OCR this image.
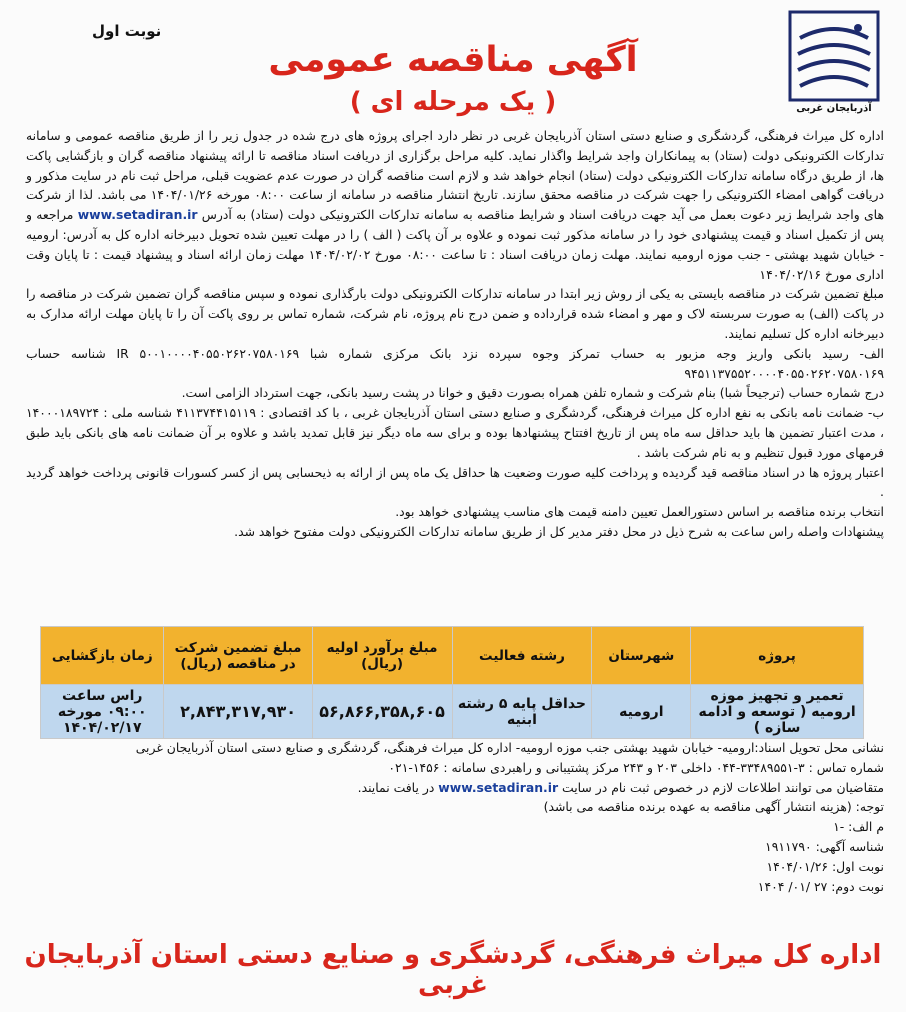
آذربایجان غربی
نوبت اول
آگهی مناقصه عمومی
( یک مرحله ای )

اداره کل میراث فرهنگی، گردشگری و صنایع دستی استان آذربایجان غربی در نظر دارد اجرای پروژه های درج شده در جدول زیر را از طریق مناقصه عمومی و سامانه تدارکات الکترونیکی دولت (ستاد) به پیمانکاران واجد شرایط واگذار نماید. کلیه مراحل برگزاری از دریافت اسناد مناقصه تا ارائه پیشنهاد مناقصه گران و بازگشایی پاکت ها، از طریق درگاه سامانه تدارکات الکترونیکی دولت (ستاد) انجام خواهد شد و لازم است مناقصه گران در صورت عدم عضویت قبلی، مراحل ثبت نام در سایت مذکور و دریافت گواهی امضاء الکترونیکی را جهت شرکت در مناقصه محقق سازند. تاریخ انتشار مناقصه در سامانه از ساعت ۰۸:۰۰ مورخه ۱۴۰۴/۰۱/۲۶ می باشد. لذا از شرکت های واجد شرایط زیر دعوت بعمل می آید جهت دریافت اسناد و شرایط مناقصه به سامانه تدارکات الکترونیکی دولت (ستاد) به آدرس www.setadiran.ir مراجعه و پس از تکمیل اسناد و قیمت پیشنهادی خود را در سامانه مذکور ثبت نموده و علاوه بر آن پاکت ( الف ) را در مهلت تعیین شده تحویل دبیرخانه اداره کل به آدرس: ارومیه - خیابان شهید بهشتی - جنب موزه ارومیه نمایند. مهلت زمان دریافت اسناد : تا ساعت ۰۸:۰۰ مورخ ۱۴۰۴/۰۲/۰۲ مهلت زمان ارائه اسناد و پیشنهاد قیمت : تا پایان وقت اداری مورخ ۱۴۰۴/۰۲/۱۶

مبلغ تضمین شرکت در مناقصه بایستی به یکی از روش زیر ابتدا در سامانه تدارکات الکترونیکی دولت بارگذاری نموده و سپس مناقصه گران تضمین شرکت در مناقصه را در پاکت (الف) به صورت سربسته لاک و مهر و امضاء شده قرارداده و ضمن درج نام پروژه، نام شرکت، شماره تماس بر روی پاکت آن را تا پایان مهلت ارائه مدارک به دبیرخانه اداره کل تسلیم نمایند.

الف- رسید بانکی واریز وجه مزبور به حساب تمرکز وجوه سپرده نزد بانک مرکزی شماره شبا IR ۵۰۰۱۰۰۰۰۴۰۵۵۰۲۶۲۰۷۵۸۰۱۶۹ شناسه حساب ۹۴۵۱۱۳۷۵۵۲۰۰۰۰۴۰۵۵۰۲۶۲۰۷۵۸۰۱۶۹

درج شماره حساب (ترجیحاً شبا) بنام شرکت و شماره تلفن همراه بصورت دقیق و خوانا در پشت رسید بانکی، جهت استرداد الزامی است.

ب- ضمانت نامه بانکی به نفع اداره کل میراث فرهنگی، گردشگری و صنایع دستی استان آذربایجان غربی ، با کد اقتصادی : ۴۱۱۳۷۴۴۱۵۱۱۹ شناسه ملی : ۱۴۰۰۰۱۸۹۷۲۴ ، مدت اعتبار تضمین ها باید حداقل سه ماه پس از تاریخ افتتاح پیشنهادها بوده و برای سه ماه دیگر نیز قابل تمدید باشد و علاوه بر آن ضمانت نامه های بانکی باید طبق فرمهای مورد قبول تنظیم و به نام شرکت باشد .

اعتبار پروژه ها در اسناد مناقصه قید گردیده و پرداخت کلیه صورت وضعیت ها حداقل یک ماه پس از ارائه به ذیحسابی پس از کسر کسورات قانونی پرداخت خواهد گردید .

انتخاب برنده مناقصه بر اساس دستورالعمل تعیین دامنه قیمت های مناسب پیشنهادی خواهد بود.

پیشنهادات واصله راس ساعت به شرح ذیل در محل دفتر مدیر کل از طریق سامانه تدارکات الکترونیکی دولت مفتوح خواهد شد.

پروژه	شهرستان	رشته فعالیت	مبلغ برآورد اولیه (ریال)	مبلغ تضمین شرکت در مناقصه (ریال)	زمان بازگشایی
تعمیر و تجهیز موزه ارومیه ( توسعه و ادامه سازه )	ارومیه	حداقل پایه ۵ رشته ابنیه	۵۶,۸۶۶,۳۵۸,۶۰۵	۲,۸۴۳,۳۱۷,۹۳۰	راس ساعت ۰۹:۰۰ مورخه ۱۴۰۴/۰۲/۱۷

نشانی محل تحویل اسناد:ارومیه- خیابان شهید بهشتی جنب موزه ارومیه- اداره کل میراث فرهنگی، گردشگری و صنایع دستی استان آذربایجان غربی

شماره تماس : ۳-۳۳۴۸۹۵۵۱-۰۴۴ داخلی ۲۰۳ و ۲۴۳ مرکز پشتیبانی و راهبردی سامانه : ۱۴۵۶-۰۲۱

متقاضیان می توانند اطلاعات لازم در خصوص ثبت نام در سایت www.setadiran.ir در یافت نمایند.

توجه: (هزینه انتشار آگهی مناقصه به عهده برنده مناقصه می باشد)

م الف: -۱

شناسه آگهی: ۱۹۱۱۷۹۰

نوبت اول: ۱۴۰۴/۰۱/۲۶

نوبت دوم: ۲۷ /۰۱/ ۱۴۰۴

اداره کل میراث فرهنگی، گردشگری و صنایع دستی استان آذربایجان غربی
